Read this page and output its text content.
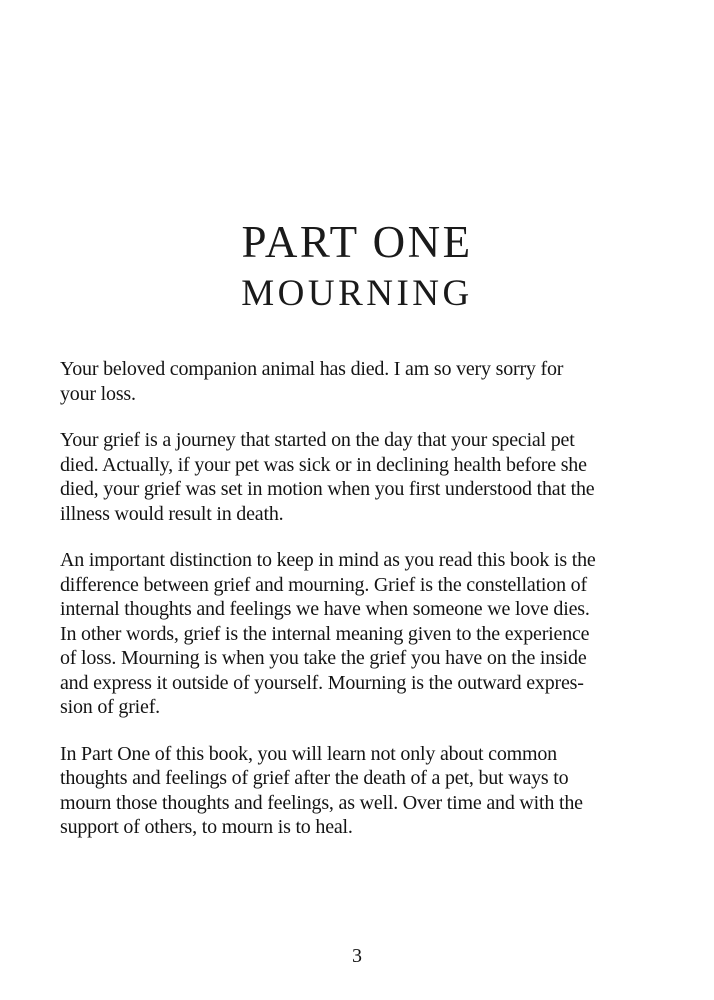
PART ONE
MOURNING

Your beloved companion animal has died. I am so very sorry for
your loss.

Your grief is a journey that started on the day that your special pet
died. Actually, if your pet was sick or in declining health before she
died, your grief was set in motion when you first understood that the
illness would result in death.

An important distinction to keep in mind as you read this book is the
difference between grief and mourning. Grief is the constellation of
internal thoughts and feelings we have when someone we love dies.
In other words, grief is the internal meaning given to the experience
of loss. Mourning is when you take the grief you have on the inside
and express it outside of yourself. Mourning is the outward expres-
sion of grief.

In Part One of this book, you will learn not only about common
thoughts and feelings of grief after the death of a pet, but ways to
mourn those thoughts and feelings, as well. Over time and with the
support of others, to mourn is to heal.

3
